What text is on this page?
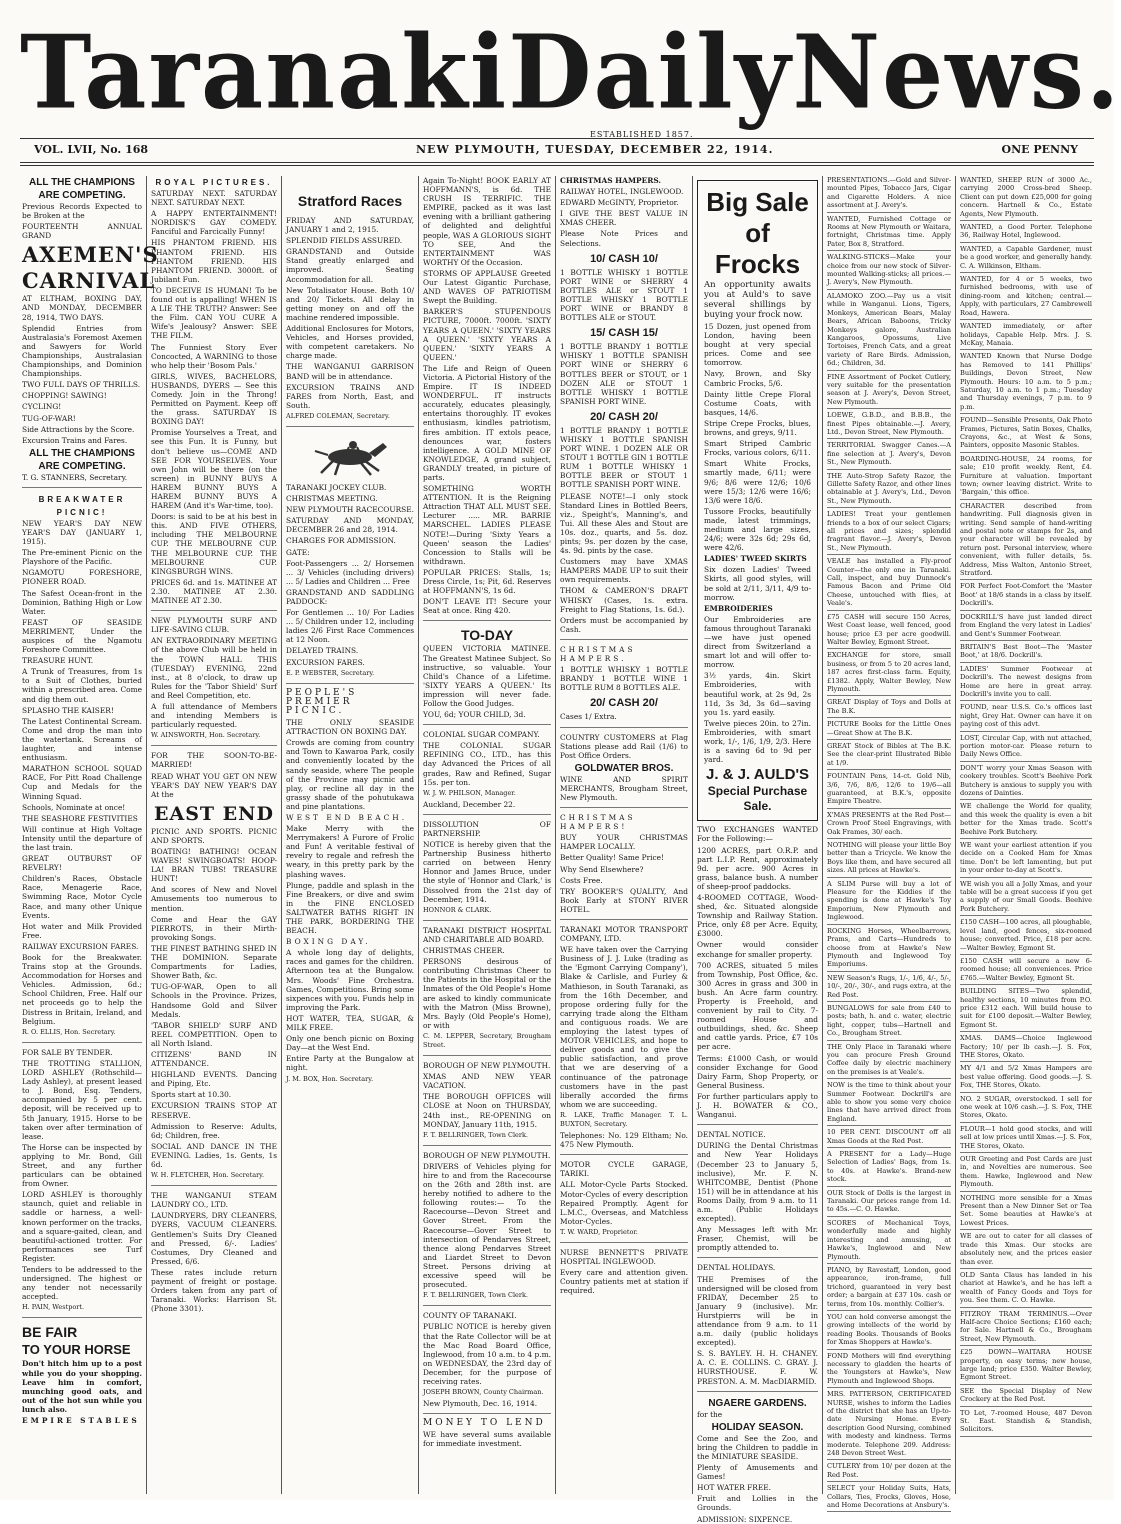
Taranaki Daily News.
ESTABLISHED 1857.
VOL. LVII, No. 168	NEW PLYMOUTH, TUESDAY, DECEMBER 22, 1914.	ONE PENNY
ALL THE CHAMPIONS ARE COMPETING.

Previous Records Expected to be Broken at the

FOURTEENTH ANNUAL GRAND

AXEMEN'S
CARNIVAL

AT ELTHAM, BOXING DAY, AND MONDAY, DECEMBER 28, 1914, TWO DAYS.

Splendid Entries from Australasia's Foremost Axemen and Sawyers for World Championships, Australasian Championships, and Dominion Championships.

TWO FULL DAYS OF THRILLS.

CHOPPING! SAWING!

CYCLING!

TUG-OF-WAR!

Side Attractions by the Score.

Excursion Trains and Fares.

ALL THE CHAMPIONS ARE COMPETING.

T. G. STANNERS, Secretary.

BREAKWATER PICNIC!

NEW YEAR'S DAY NEW YEAR'S DAY (JANUARY 1, 1915).

The Pre-eminent Picnic on the Playshore of the Pacific.

NGAMOTU FORESHORE, PIONEER ROAD.

The Safest Ocean-front in the Dominion, Bathing High or Low Water.

FEAST OF SEASIDE MERRIMENT, Under the auspices of the Ngamotu Foreshore Committee.

TREASURE HUNT.

A Trunk of Treasures, from 1s to a Suit of Clothes, buried within a prescribed area. Come and dig them out.

SPLASHO THE KAISER!

The Latest Continental Scream. Come and drop the man into the watertank. Screams of laughter, and intense enthusiasm.

MARATHON SCHOOL SQUAD RACE, For Pitt Road Challenge Cup and Medals for the Winning Squad.

Schools, Nominate at once!

THE SEASHORE FESTIVITIES

Will continue at High Voltage Intensity until the departure of the last train.

GREAT OUTBURST OF REVELRY!

Children's Races, Obstacle Race, Menagerie Race, Swimming Race, Motor Cycle Race, and many other Unique Events.

Hot water and Milk Provided Free.

RAILWAY EXCURSION FARES.

Book for the Breakwater. Trains stop at the Grounds. Accommodation for Horses and Vehicles. Admission, 6d.; School Children, Free. Half our net proceeds go to help the Distress in Britain, Ireland, and Belgium.

R. O. ELLIS, Hon. Secretary.

FOR SALE BY TENDER.

THE TROTTING STALLION, LORD ASHLEY (Rothschild—Lady Ashley), at present leased to J. Bond, Esq. Tenders, accompanied by 5 per cent. deposit, will be received up to 5th January, 1915. Horse to be taken over after termination of lease.

The Horse can be inspected by applying to Mr. Bond, Gill Street, and any further particulars can be obtained from Owner.

LORD ASHLEY is thoroughly staunch, quiet and reliable in saddle or harness, a well-known performer on the tracks, and a square-gaited, clean, and beautiful-actioned trotter. For performances see Turf Register.

Tenders to be addressed to the undersigned. The highest or any tender not necessarily accepted.

H. PAIN, Westport.

BE FAIR
TO YOUR HORSE

Don't hitch him up to a post while you do your shopping. Leave him in comfort, munching good oats, and out of the hot sun while you lunch also.

EMPIRE STABLES

ROYAL PICTURES.

SATURDAY NEXT. SATURDAY NEXT. SATURDAY NEXT.

A HAPPY ENTERTAINMENT! NORDISK'S GAY COMEDY. Fanciful and Farcically Funny!

HIS PHANTOM FRIEND. HIS PHANTOM FRIEND. HIS PHANTOM FRIEND. HIS PHANTOM FRIEND. 3000ft. of Jubilant Fun.

TO DECEIVE IS HUMAN! To be found out is appalling! WHEN IS A LIE THE TRUTH? Answer: See the Film. CAN YOU CURE A Wife's Jealousy? Answer: SEE THE FILM.

The Funniest Story Ever Concocted, A WARNING to those who help their 'Bosom Pals.'

GIRLS, WIVES, BACHELORS, HUSBANDS, DYERS — See this Comedy. Join in the Throng! Permitted on Payment. Keep off the grass. SATURDAY IS BOXING DAY!

Promise Yourselves a Treat, and see this Fun. It is Funny, but don't believe us—COME AND SEE FOR YOURSELVES. Your own John will be there (on the screen) in BUNNY BUYS A HAREM BUNNY BUYS A HAREM BUNNY BUYS A HAREM (And it's War-time, too).

Doors: is said to be at his best in this. AND FIVE OTHERS, including THE MELBOURNE CUP. THE MELBOURNE CUP. THE MELBOURNE CUP. THE MELBOURNE CUP. KINGSBURGH WINS.

PRICES 6d. and 1s. MATINEE AT 2.30. MATINEE AT 2.30. MATINEE AT 2.30.

NEW PLYMOUTH SURF AND LIFE-SAVING CLUB.

AN EXTRAORDINARY MEETING of the above Club will be held in the TOWN HALL THIS (TUESDAY) EVENING, 22nd inst., at 8 o'clock, to draw up Rules for the 'Tabor Shield' Surf and Reel Competition, etc.

A full attendance of Members and intending Members is particularly requested.

W. AINSWORTH, Hon. Secretary.

FOR THE SOON-TO-BE-MARRIED!

READ WHAT YOU GET ON NEW YEAR'S DAY NEW YEAR'S DAY At the

EAST END

PICNIC AND SPORTS. PICNIC AND SPORTS.

BOATING! BATHING! OCEAN WAVES! SWINGBOATS! HOOP-LA! BRAN TUBS! TREASURE HUNT!

And scores of New and Novel Amusements too numerous to mention.

Come and Hear the GAY PIERROTS, in their Mirth-provoking Songs.

THE FINEST BATHING SHED IN THE DOMINION. Separate Compartments for Ladies, Shower Bath, &c.

TUG-OF-WAR, Open to all Schools in the Province. Prizes, Handsome Gold and Silver Medals.

'TABOR SHIELD' SURF AND REEL COMPETITION. Open to all North Island.

CITIZENS' BAND IN ATTENDANCE.

HIGHLAND EVENTS. Dancing and Piping, Etc.

Sports start at 10.30.

EXCURSION TRAINS STOP AT RESERVE.

Admission to Reserve: Adults, 6d; Children, free.

SOCIAL AND DANCE IN THE EVENING. Ladies, 1s. Gents, 1s 6d.

W. H. FLETCHER, Hon. Secretary.

THE WANGANUI STEAM LAUNDRY CO., LTD.

LAUNDRYERS, DRY CLEANERS, DYERS, VACUUM CLEANERS. Gentlemen's Suits Dry Cleaned and Pressed, 6/-. Ladies' Costumes, Dry Cleaned and Pressed, 6/6.

These rates include return payment of freight or postage. Orders taken from any part of Taranaki. Works: Harrison St. (Phone 3301).

Stratford Races

FRIDAY AND SATURDAY, JANUARY 1 and 2, 1915.

SPLENDID FIELDS ASSURED.

GRANDSTAND and Outside Stand greatly enlarged and improved. Seating Accommodation for all.

New Totalisator House. Both 10/ and 20/ Tickets. All delay in getting money on and off the machine rendered impossible.

Additional Enclosures for Motors, Vehicles, and Horses provided, with competent caretakers. No charge made.

THE WANGANUI GARRISON BAND will be in attendance.

EXCURSION TRAINS AND FARES from North, East, and South.

ALFRED COLEMAN, Secretary.

TARANAKI JOCKEY CLUB.

CHRISTMAS MEETING.

NEW PLYMOUTH RACECOURSE.

SATURDAY AND MONDAY, DECEMBER 26 and 28, 1914.

CHARGES FOR ADMISSION.

GATE:

Foot-Passengers ... 2/ Horsemen ... 3/ Vehicles (including drivers) ... 5/ Ladies and Children ... Free

GRANDSTAND AND SADDLING PADDOCK:

For Gentlemen ... 10/ For Ladies ... 5/ Children under 12, including ladies 2/6 First Race Commences at 12 Noon.

DELAYED TRAINS.

EXCURSION FARES.

E. P. WEBSTER, Secretary.

PEOPLE'S PREMIER PICNIC.

THE ONLY SEASIDE ATTRACTION ON BOXING DAY.

Crowds are coming from country and Town to Kawaroa Park, cosily and conveniently located by the sandy seaside, where The people of the Province may picnic and play, or recline all day in the grassy shade of the pohutukawa and pine plantations.

WEST END BEACH.

Make Merry with the Merrymakers! A Furore of Frolic and Fun! A veritable festival of revelry to regale and refresh the weary, in this pretty park by the plashing waves.

Plunge, paddle and splash in the Fine Breakers, or dive and swim in the FINE ENCLOSED SALTWATER BATHS RIGHT IN THE PARK, BORDERING THE BEACH.

BOXING DAY.

A whole long day of delights, races and games for the children. Afternoon tea at the Bungalow. Mrs. Woods' Fine Orchestra. Games, Competitions. Bring some sixpences with you. Funds help in improving the Park.

HOT WATER, TEA, SUGAR, & MILK FREE.

Only one bench picnic on Boxing Day—at the West End.

Entire Party at the Bungalow at night.

J. M. BOX, Hon. Secretary.

Again To-Night! BOOK EARLY AT HOFFMANN'S, is 6d. THE CRUSH IS TERRIFIC. THE EMPIRE, packed as it was last evening with a brilliant gathering of delighted and delightful people, WAS A GLORIOUS SIGHT TO SEE, And the ENTERTAINMENT WAS WORTHY Of the Occasion.

STORMS OF APPLAUSE Greeted Our Latest Gigantic Purchase, AND WAVES OF PATRIOTISM Swept the Building.

BARKER'S STUPENDOUS PICTURE, 7000ft. 7000ft. 'SIXTY YEARS A QUEEN.' 'SIXTY YEARS A QUEEN.' 'SIXTY YEARS A QUEEN.' 'SIXTY YEARS A QUEEN.'

The Life and Reign of Queen Victoria. A Pictorial History of the Empire. IT IS INDEED WONDERFUL. IT instructs accurately, educates pleasingly, entertains thoroughly. IT evokes enthusiasm, kindles patriotism, fires ambition. IT extols peace, denounces war, fosters intelligence. A GOLD MINE OF KNOWLEDGE, A grand subject, GRANDLY treated, in picture of parts.

SOMETHING WORTH ATTENTION. It is the Reigning Attraction THAT ALL MUST SEE. Lecturer ..... MR. BARRIE MARSCHEL. LADIES PLEASE NOTE!—During 'Sixty Years a Queen' season the Ladies' Concession to Stalls will be withdrawn.

POPULAR PRICES: Stalls, 1s; Dress Circle, 1s; Pit, 6d. Reserves at HOFFMANN'S, 1s 6d.

DON'T LEAVE IT! Secure your Seat at once. Ring 420.

TO-DAY

QUEEN VICTORIA MATINEE. The Greatest Matinee Subject. So instructive, so valuable. Your Child's Chance of a Lifetime. 'SIXTY YEARS A QUEEN.' Its impression will never fade. Follow the Good Judges.

YOU, 6d; YOUR CHILD, 3d.

COLONIAL SUGAR COMPANY.

THE COLONIAL SUGAR REFINING CO., LTD., has this day Advanced the Prices of all grades, Raw and Refined, Sugar 15s. per ton.

W. J. W. PHILSON, Manager.

Auckland, December 22.

DISSOLUTION OF PARTNERSHIP.

NOTICE is hereby given that the Partnership Business hitherto carried on between Henry Honnor and James Bruce, under the style of 'Honnor and Clark,' is Dissolved from the 21st day of December, 1914.

HONNOR & CLARK.

TARANAKI DISTRICT HOSPITAL AND CHARITABLE AID BOARD.

CHRISTMAS CHEER.

PERSONS desirous of contributing Christmas Cheer to the Patients in the Hospital or the Inmates of the Old People's Home are asked to kindly communicate with the Matron (Miss Browne), Mrs. Bayly (Old People's Home), or with

C. M. LEPPER, Secretary, Brougham Street.

BOROUGH OF NEW PLYMOUTH.

XMAS AND NEW YEAR VACATION.

THE BOROUGH OFFICES will CLOSE at Noon on THURSDAY, 24th inst., RE-OPENING on MONDAY, January 11th, 1915.

F. T. BELLRINGER, Town Clerk.

BOROUGH OF NEW PLYMOUTH.

DRIVERS of Vehicles plying for hire to and from the Racecourse on the 26th and 28th inst. are hereby notified to adhere to the following routes:— To the Racecourse—Devon Street and Gover Street. From the Racecourse—Gover Street to intersection of Pendarves Street, thence along Pendarves Street and Liardet Street to Devon Street. Persons driving at excessive speed will be prosecuted.

F. T. BELLRINGER, Town Clerk.

COUNTY OF TARANAKI.

PUBLIC NOTICE is hereby given that the Rate Collector will be at the Mac Road Board Office, Inglewood, from 10 a.m. to 4 p.m. on WEDNESDAY, the 23rd day of December, for the purpose of receiving rates.

JOSEPH BROWN, County Chairman.

New Plymouth, Dec. 16, 1914.

MONEY TO LEND

WE have several sums available for immediate investment.

CHRISTMAS HAMPERS.

RAILWAY HOTEL, INGLEWOOD.

EDWARD McGINTY, Proprietor.

I GIVE THE BEST VALUE IN XMAS CHEER.

Please Note Prices and Selections.

10/ CASH 10/

1 BOTTLE WHISKY 1 BOTTLE PORT WINE or SHERRY 4 BOTTLES ALE or STOUT 1 BOTTLE WHISKY 1 BOTTLE PORT WINE or BRANDY 8 BOTTLES ALE or STOUT.

15/ CASH 15/

1 BOTTLE BRANDY 1 BOTTLE WHISKY 1 BOTTLE SPANISH PORT WINE or SHERRY 6 BOTTLES BEER or STOUT, or 1 DOZEN ALE or STOUT 1 BOTTLE WHISKY 1 BOTTLE SPANISH PORT WINE.

20/ CASH 20/

1 BOTTLE BRANDY 1 BOTTLE WHISKY 1 BOTTLE SPANISH PORT WINE. 1 DOZEN ALE OR STOUT 1 BOTTLE GIN 1 BOTTLE RUM 1 BOTTLE WHISKY 1 BOTTLE BEER or STOUT 1 BOTTLE SPANISH PORT WINE.

PLEASE NOTE!—I only stock Standard Lines in Bottled Beers, viz., Speight's, Manning's, and Tui. All these Ales and Stout are 10s. doz., quarts, and 5s. doz. pints; 9s. per dozen by the case, 4s. 9d. pints by the case.

Customers may have XMAS HAMPERS MADE UP to suit their own requirements.

THOM & CAMERON'S DRAFT WHISKY (Cases, 1s. extra. Freight to Flag Stations, 1s. 6d.).

Orders must be accompanied by Cash.

CHRISTMAS HAMPERS.

1 BOTTLE WHISKY 1 BOTTLE BRANDY 1 BOTTLE WINE 1 BOTTLE RUM 8 BOTTLES ALE.

20/ CASH 20/

Cases 1/ Extra.

COUNTRY CUSTOMERS at Flag Stations please add Rail (1/6) to Post Office Orders.

GOLDWATER BROS.

WINE AND SPIRIT MERCHANTS, Brougham Street, New Plymouth.

CHRISTMAS HAMPERS!

BUY YOUR CHRISTMAS HAMPER LOCALLY.

Better Quality! Same Price!

Why Send Elsewhere?

Costs Free.

TRY BOOKER'S QUALITY, And Book Early at STONY RIVER HOTEL.

TARANAKI MOTOR TRANSPORT COMPANY, LTD.

WE have taken over the Carrying Business of J. J. Luke (trading as the 'Egmont Carrying Company'), Blake & Carlisle, and Furley & Mathieson, in South Taranaki, as from the 16th December, and propose ordering fully for the carrying trade along the Eltham and contiguous roads. We are employing the latest types of MOTOR VEHICLES, and hope to deliver goods and to give the public satisfaction, and prove that we are deserving of a continuance of the patronage customers have in the past liberally accorded the firms whom we are succeeding.

R. LAKE, Traffic Manager. T. L. BUXTON, Secretary.

Telephones: No. 129 Eltham; No. 475 New Plymouth.

MOTOR CYCLE GARAGE, TARIKI.

ALL Motor-Cycle Parts Stocked. Motor-Cycles of every description Repaired Promptly. Agent for L.M.C., Overseas, and Matchless Motor-Cycles.

T. W. WARD, Proprietor.

NURSE BENNETT'S PRIVATE HOSPITAL INGLEWOOD.

Every care and attention given. Country patients met at station if required.

Big Sale
of Frocks

An opportunity awaits you at Auld's to save several shillings by buying your frock now.

15 Dozen, just opened from London, having been bought at very special prices. Come and see tomorrow.

Navy, Brown, and Sky Cambric Frocks, 5/6.

Dainty little Crepe Floral Costume Coats, with basques, 14/6.

Stripe Crepe Frocks, blues, browns, and greys, 9/11.

Smart Striped Cambric Frocks, various colors, 6/11.

Smart White Frocks, smartly made, 6/11; were 9/6; 8/6 were 12/6; 10/6 were 15/3; 12/6 were 16/6; 13/6 were 18/6.

Tussore Frocks, beautifully made, latest trimmings, medium and large sizes, 24/6; were 32s 6d; 29s 6d, were 42/6.

LADIES' TWEED SKIRTS

Six dozen Ladies' Tweed Skirts, all good styles, will be sold at 2/11, 3/11, 4/9 to-morrow.

EMBROIDERIES

Our Embroideries are famous throughout Taranaki—we have just opened direct from Switzerland a smart lot and will offer to-morrow.

3½ yards, 4in. Skirt Embroideries, with beautiful work, at 2s 9d, 2s 11d, 3s 3d, 3s 6d—saving you 1s. yard easily.

Twelve pieces 20in. to 27in. Embroideries, with smart work, 1/-, 1/6, 1/9, 2/3. Here is a saving 6d to 9d per yard.

J. & J. AULD'S
Special Purchase Sale.

TWO EXCHANGES WANTED For the Following:—

1200 ACRES, part O.R.P. and part L.I.P. Rent, approximately 9d. per acre. 900 Acres in grass, balance bush. A number of sheep-proof paddocks.

4-ROOMED COTTAGE, Wood-shed, &c. Situated alongside Township and Railway Station. Price, only £8 per Acre. Equity, £3000.

Owner would consider exchange for smaller property.

700 ACRES, situated 5 miles from Township, Post Office, &c. 300 Acres in grass and 300 in bush. An Acre farm country. Property is Freehold, and convenient by rail to City. 7-roomed House and outbuildings, shed, &c. Sheep and cattle yards. Price, £7 10s per acre.

Terms: £1000 Cash, or would consider Exchange for Good Dairy Farm, Shop Property, or General Business.

For further particulars apply to J. H. BOWATER & CO., Wanganui.

DENTAL NOTICE.

DURING the Dental Christmas and New Year Holidays (December 23 to January 5, inclusive), Mr. F. N. WHITCOMBE, Dentist (Phone 151) will be in attendance at his Rooms Daily, from 9 a.m. to 11 a.m. (Public Holidays excepted).

Any Messages left with Mr. Fraser, Chemist, will be promptly attended to.

DENTAL HOLIDAYS.

THE Premises of the undersigned will be closed from FRIDAY, December 25 to January 9 (inclusive). Mr. Hurstpierrs will be in attendance from 9 a.m. to 11 a.m. daily (public holidays excepted).

S. S. BAYLEY. H. H. CHANEY. A. C. E. COLLINS. C. GRAY. J. HURSTHOUSE. F. W. PRESTON. A. M. MacDIARMID.

NGAERE GARDENS.

for the

HOLIDAY SEASON.

Come and See the Zoo, and bring the Children to paddle in the MINIATURE SEASIDE.

Plenty of Amusements and Games!

HOT WATER FREE.

Fruit and Lollies in the Grounds.

ADMISSION: SIXPENCE.

PRESENTATIONS.—Gold and Silver-mounted Pipes, Tobacco Jars, Cigar and Cigarette Holders. A nice assortment at J. Avery's.

WANTED, Furnished Cottage or Rooms at New Plymouth or Waitara, fortnight, Christmas time. Apply Pater, Box 8, Stratford.

WALKING-STICKS—Make your choice from our new stock of Silver-mounted Walking-sticks; all prices.—J. Avery's, New Plymouth.

ALAMOKO ZOO.—Pay us a visit while in Wanganui. Lions, Tigers, Monkeys, American Bears, Malay Bears, African Baboons, Tricky Monkeys galore, Australian Kangaroos, Opossums, Live Tortoises, French Cats, and a great variety of Rare Birds. Admission, 6d.; Children, 3d.

FINE Assortment of Pocket Cutlery, very suitable for the presentation season at J. Avery's, Devon Street, New Plymouth.

LOEWE, G.B.D., and B.B.B., the finest Pipes obtainable.—J. Avery, Ltd., Devon Street, New Plymouth.

TERRITORIAL Swagger Canes.—A fine selection at J. Avery's, Devon St., New Plymouth.

THE Auto-Strop Safety Razor, the Gillette Safety Razor, and other lines obtainable at J. Avery's, Ltd., Devon St., New Plymouth.

LADIES! Treat your gentlemen friends to a box of our select Cigars; all prices and sizes; splendid fragrant flavor.—J. Avery's, Devon St., New Plymouth.

VEALE has installed a Fly-proof Counter—the only one in Taranaki. Call, inspect, and buy Dunnock's Famous Bacon and Prime Old Cheese, untouched with flies, at Veale's.

£75 CASH will secure 150 Acres, West Coast lease, well fenced, good house; price £3 per acre goodwill. Walter Bewley, Egmont Street.

EXCHANGE for store, small business, or from 5 to 20 acres land, 187 acres first-class farm. Equity, £1382. Apply, Walter Bewley, New Plymouth.

GREAT Display of Toys and Dolls at The B.K.

PICTURE Books for the Little Ones—Great Show at The B.K.

GREAT Stock of Bibles at The B.K. See the clear-print Illustrated Bible at 1/9.

FOUNTAIN Pens, 14-ct. Gold Nib, 3/6, 7/6, 8/6, 12/6 to 19/6—all guaranteed, at B.K.'s, opposite Empire Theatre.

X'MAS PRESENTS at the Red Post—Crown Proof Steel Engravings, with Oak Frames, 30/ each.

NOTHING will please your little Boy better than a Tricycle. We know the Boys like them, and have secured all sizes. All prices at Hawke's.

A SLIM Purse will buy a lot of Pleasure for the Kiddies if the spending is done at Hawke's Toy Emporium, New Plymouth and Inglewood.

ROCKING Horses, Wheelbarrows, Prams, and Carts—Hundreds to choose from at Hawke's New Plymouth and Inglewood Toy Emporiums.

NEW Season's Rugs, 1/-, 1/6, 4/-, 5/-, 10/-, 20/-, 30/-, and rugs extra, at the Red Post.

BUNGALOWS for sale from £40 to posts; bath, h. and c. water, electric light, copper, tubs—Hartnell and Co., Brougham Street.

THE Only Place in Taranaki where you can procure Fresh Ground Coffee daily by electric machinery on the premises is at Veale's.

NOW is the time to think about your Summer Footwear. Dockrill's are able to show you some very choice lines that have arrived direct from England.

10 PER CENT. DISCOUNT off all Xmas Goods at the Red Post.

A PRESENT for a Lady—Huge Selection of Ladies' Bags, from 1s. to 40s. at Hawke's. Brand-new stock.

OUR Stock of Dolls is the largest in Taranaki. Our prices range from 1d. to 45s.—C. O. Hawke.

SCORES of Mechanical Toys, wonderfully made and highly interesting and amusing, at Hawke's, Inglewood and New Plymouth.

PIANO, by Ravestaff, London, good appearance, iron-frame, full trichord, guaranteed in very best order; a bargain at £37 10s. cash or terms, from 10s. monthly. Collier's.

YOU can hold converse amongst the growing intellects of the world by reading Books. Thousands of Books for Xmas Shoppers at Hawke's.

FOND Mothers will find everything necessary to gladden the hearts of the Youngsters at Hawke's, New Plymouth and Inglewood Shops.

MRS. PATTERSON, CERTIFICATED NURSE, wishes to inform the Ladies of the district that she has an Up-to-date Nursing Home. Every description Good Nursing, combined with modesty and kindness. Terms moderate. Telephone 209. Address: 248 Devon Street West.

CUTLERY from 10/ per dozen at the Red Post.

SELECT your Holiday Suits, Hats, Collars, Ties, Frocks, Gloves, Hose, and Home Decorations at Ansbury's.

WANTED, SHEEP RUN of 3000 Ac., carrying 2000 Cross-bred Sheep. Client can put down £25,000 for going concern. Hartnell & Co., Estate Agents, New Plymouth.

WANTED, a Good Porter. Telephone 36, Railway Hotel, Inglewood.

WANTED, a Capable Gardener, must be a good worker, and generally handy. C. A. Wilkinson, Eltham.

WANTED, for 4 or 5 weeks, two furnished bedrooms, with use of dining-room and kitchen; central.—Apply, with particulars, 27 Cambrewell Road, Hawera.

WANTED immediately, or after holidays, Capable Help. Mrs. J. S. McKay, Manaia.

WANTED Known that Nurse Dodge has Removed to 141 Phillips' Buildings, Devon Street, New Plymouth. Hours: 10 a.m. to 5 p.m.; Saturday, 10 a.m. to 1 p.m.; Tuesday and Thursday evenings, 7 p.m. to 9 p.m.

FOUND—Sensible Presents, Oak Photo Frames, Pictures, Satin Boxes, Chalks, Crayons, &c., at West & Sons, Painters, opposite Masonic Stables.

BOARDING-HOUSE, 24 rooms, for sale; £10 profit weekly. Rent, £4. Furniture at valuation. Important town; owner leaving district. Write to 'Bargain,' this office.

CHARACTER described from handwriting. Full diagnosis given in writing. Send sample of hand-writing and postal note or stamps for 2s, and your character will be revealed by return post. Personal interview, where convenient, with fuller details, 5s. Address, Miss Walton, Antonio Street, Stratford.

FOR Perfect Foot-Comfort the 'Master Boot' at 18/6 stands in a class by itself. Dockrill's.

DOCKRILL'S have just landed direct from England the very latest in Ladies' and Gent's Summer Footwear.

BRITAIN'S Best Boot—The 'Master Boot,' at 18/6. Dockrill's.

LADIES' Summer Footwear at Dockrill's. The newest designs from Home are here in great array. Dockrill's invite you to call.

FOUND, near U.S.S. Co.'s offices last night, Grey Hat. Owner can have it on paying cost of this advt.

LOST, Circular Cap, with nut attached, portion motor-car. Please return to Daily News Office.

DON'T worry your Xmas Season with cookery troubles. Scott's Beehive Pork Butchery is anxious to supply you with dozens of Dainties.

WE challenge the World for quality, and this week the quality is even a bit better for the Xmas trade. Scott's Beehive Pork Butchery.

WE want your earliest attention if you decide on a Cooked Ham for Xmas time. Don't be left lamenting, but put in your order to-day at Scott's.

WE wish you all a Jolly Xmas, and your table will be a great success if you get a supply of our Small Goods. Beehive Pork Butchery.

£150 CASH—100 acres, all ploughable, level land, good fences, six-roomed house; converted. Price, £18 per acre.—Walter Bewley, Egmont St.

£150 CASH will secure a new 6-roomed house; all conveniences. Price £765.—Walter Bewley, Egmont St.

BUILDING SITES—Two splendid, healthy sections, 10 minutes from P.O. price £312 each. Will build house to suit for £100 deposit.—Walter Bewley, Egmont St.

XMAS. DAMS—Choice Inglewood Factory; 10/ per lb cash.—J. S. Fox, THE Stores, Okato.

MY 4/1 and 5/2 Xmas Hampers are best value offering. Good goods.—J. S. Fox, THE Stores, Okato.

NO. 2 SUGAR, overstocked. I sell for one week at 10/6 cash.—J. S. Fox, THE Stores, Okato.

FLOUR—1 hold good stocks, and will sell at low prices until Xmas.—J. S. Fox, THE Stores, Okato.

OUR Greeting and Post Cards are just in, and Novelties are numerous. See them. Hawke, Inglewood and New Plymouth.

NOTHING more sensible for a Xmas Present than a New Dinner Set or Tea Set. Some beauties at Hawke's at Lowest Prices.

WE are out to cater for all classes of trade this Xmas. Our stocks are absolutely new, and the prices easier than ever.

OLD Santa Claus has landed in his chariot at Hawke's, and he has left a wealth of Fancy Goods and Toys for you. See them. C. O. Hawke.

FITZROY TRAM TERMINUS.—Over Half-acre Choice Sections; £160 each; for Sale. Hartnell & Co., Brougham Street, New Plymouth.

£25 DOWN—WAITARA HOUSE property, on easy terms; new house, large land; price £350. Walter Bewley, Egmont Street.

SEE the Special Display of New Crockery at the Red Post.

TO Let, 7-roomed House, 487 Devon St. East. Standish & Standish, Solicitors.
